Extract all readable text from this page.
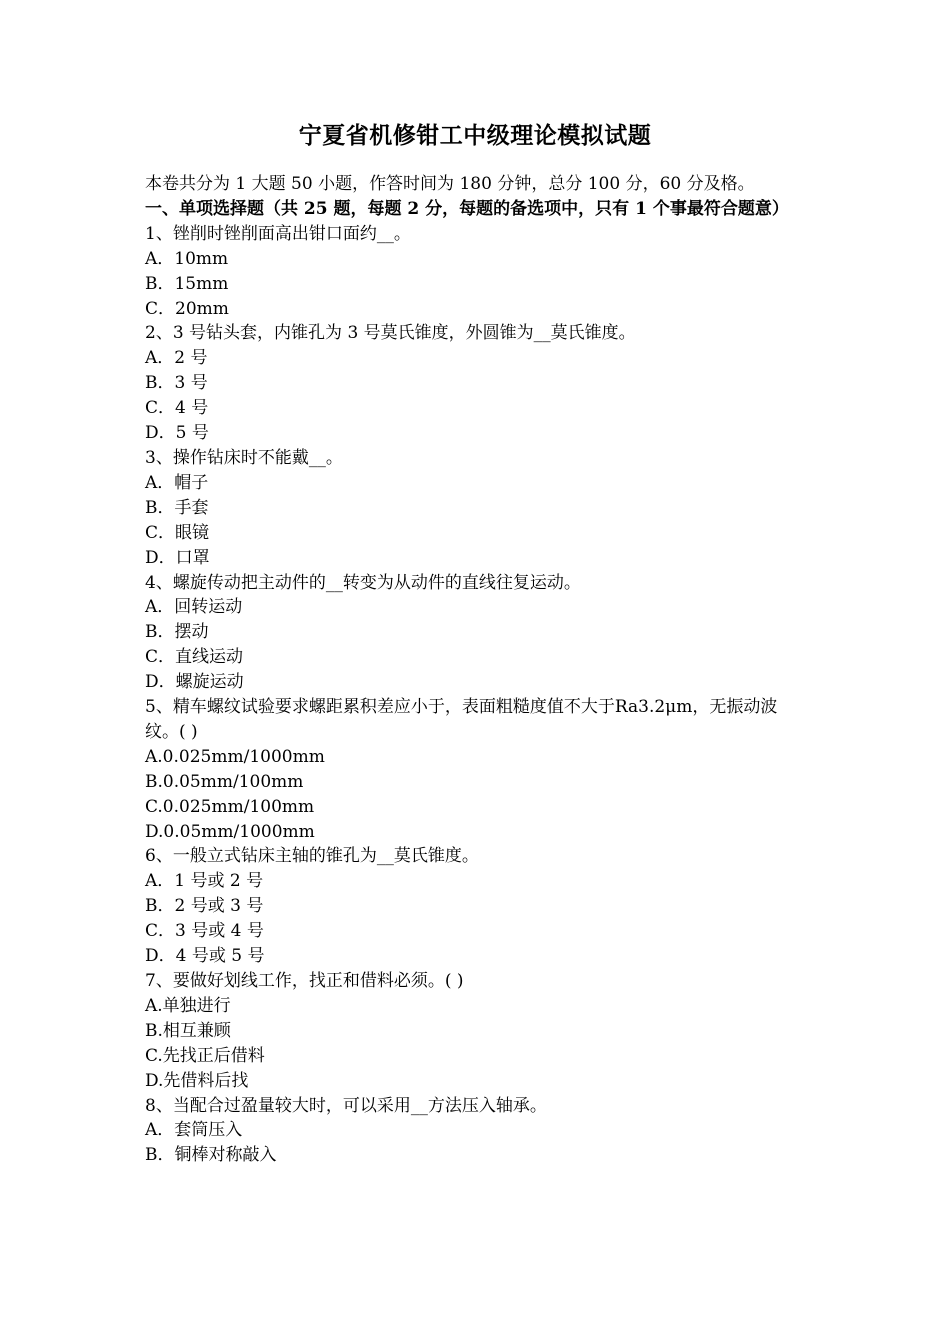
宁夏省机修钳工中级理论模拟试题
本卷共分为 1 大题 50 小题，作答时间为 180 分钟，总分 100 分，60 分及格。
一、单项选择题（共 25 题，每题 2 分，每题的备选项中，只有 1 个事最符合题意）
1、锉削时锉削面高出钳口面约__。
A．10mm
B．15mm
C．20mm
2、3 号钻头套，内锥孔为 3 号莫氏锥度，外圆锥为__莫氏锥度。
A．2 号
B．3 号
C．4 号
D．5 号
3、操作钻床时不能戴__。
A．帽子
B．手套
C．眼镜
D．口罩
4、螺旋传动把主动件的__转变为从动件的直线往复运动。
A．回转运动
B．摆动
C．直线运动
D．螺旋运动
5、精车螺纹试验要求螺距累积差应小于，表面粗糙度值不大于Ra3.2μm，无振动波纹。( )
A.0.025mm/1000mm
B.0.05mm/100mm
C.0.025mm/100mm
D.0.05mm/1000mm
6、一般立式钻床主轴的锥孔为__莫氏锥度。
A．1 号或 2 号
B．2 号或 3 号
C．3 号或 4 号
D．4 号或 5 号
7、要做好划线工作，找正和借料必须。( )
A.单独进行
B.相互兼顾
C.先找正后借料
D.先借料后找
8、当配合过盈量较大时，可以采用__方法压入轴承。
A．套筒压入
B．铜棒对称敲入
